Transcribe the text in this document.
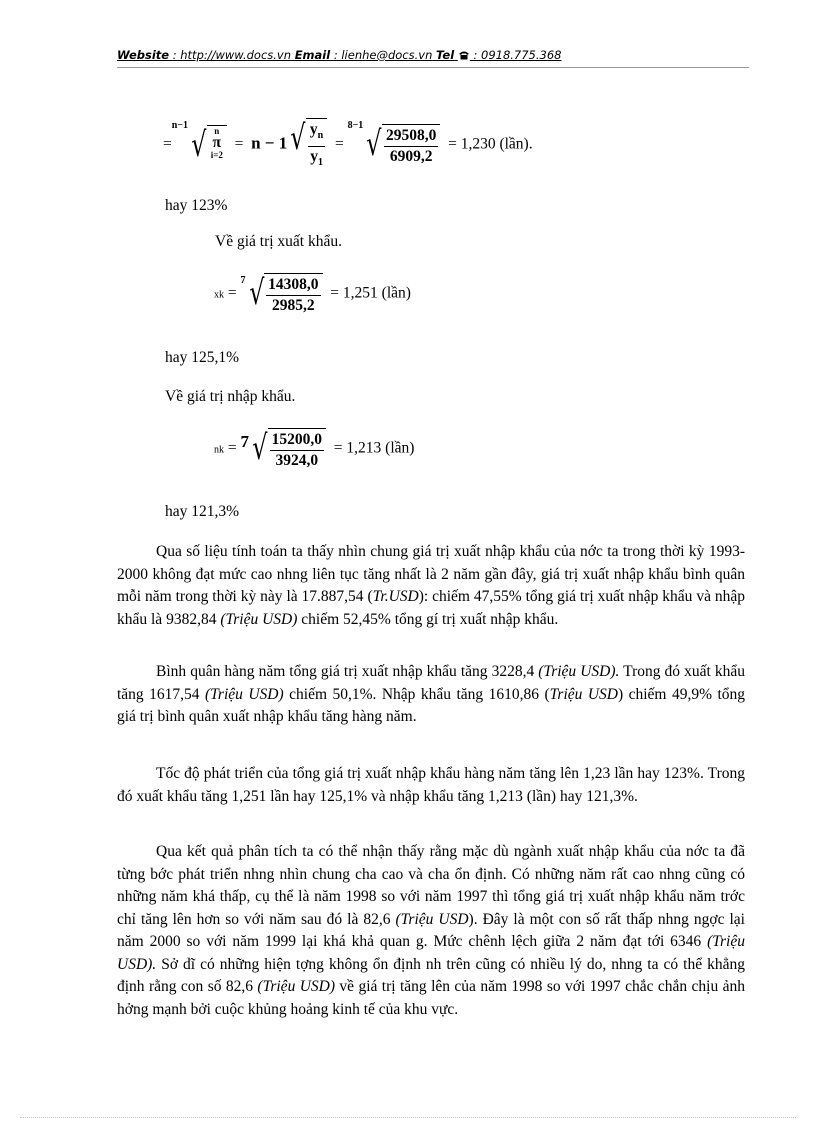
Website : http://www.docs.vn Email : lienhe@docs.vn Tel : 0918.775.368
=$^{n-1}$ √ n
π
i=2
= n − 1 √ $\frac{y_n}{y_1} = ^{8-1}$ √ $\frac{29508,0}{6909,2} = 1,230$ (lần).
hay 123%
Về giá trị xuất khẩu.
xk = $^7$ √ $\frac{14308,0}{2985,2} = 1,251$ (lần)
hay 125,1%
Về giá trị nhập khẩu.
nk = 7 √ $\frac{15200,0}{3924,0} = 1,213$ (lần)
hay 121,3%
Qua số liệu tính toán ta thấy nhìn chung giá trị xuất nhập khẩu của nớc ta trong thời kỳ 1993-2000 không đạt mức cao nhng liên tục tăng nhất là 2 năm gần đây, giá trị xuất nhập khẩu bình quân mỗi năm trong thời kỳ này là 17.887,54 (Tr.USD): chiếm 47,55% tổng giá trị xuất nhập khẩu và nhập khẩu là 9382,84 (Triệu USD) chiếm 52,45% tổng gí trị xuất nhập khẩu.
Bình quân hàng năm tổng giá trị xuất nhập khẩu tăng 3228,4 (Triệu USD). Trong đó xuất khẩu tăng 1617,54 (Triệu USD) chiếm 50,1%. Nhập khẩu tăng 1610,86 (Triệu USD) chiếm 49,9% tổng giá trị bình quân xuất nhập khẩu tăng hàng năm.
Tốc độ phát triển của tổng giá trị xuất nhập khẩu hàng năm tăng lên 1,23 lần hay 123%. Trong đó xuất khẩu tăng 1,251 lần hay 125,1% và nhập khẩu tăng 1,213 (lần) hay 121,3%.
Qua kết quả phân tích ta có thể nhận thấy rằng mặc dù ngành xuất nhập khẩu của nớc ta đã từng bớc phát triển nhng nhìn chung cha cao và cha ổn định. Có những năm rất cao nhng cũng có những năm khá thấp, cụ thể là năm 1998 so với năm 1997 thì tổng giá trị xuất nhập khẩu năm trớc chỉ tăng lên hơn so với năm sau đó là 82,6 (Triệu USD). Đây là một con số rất thấp nhng ngợc lại năm 2000 so với năm 1999 lại khá khả quan g. Mức chênh lệch giữa 2 năm đạt tới 6346 (Triệu USD). Sở dĩ có những hiện tợng không ổn định nh trên cũng có nhiều lý do, nhng ta có thể khẳng định rằng con số 82,6 (Triệu USD) về giá trị tăng lên của năm 1998 so với 1997 chắc chắn chịu ảnh hởng mạnh bởi cuộc khủng hoảng kinh tế của khu vực.
